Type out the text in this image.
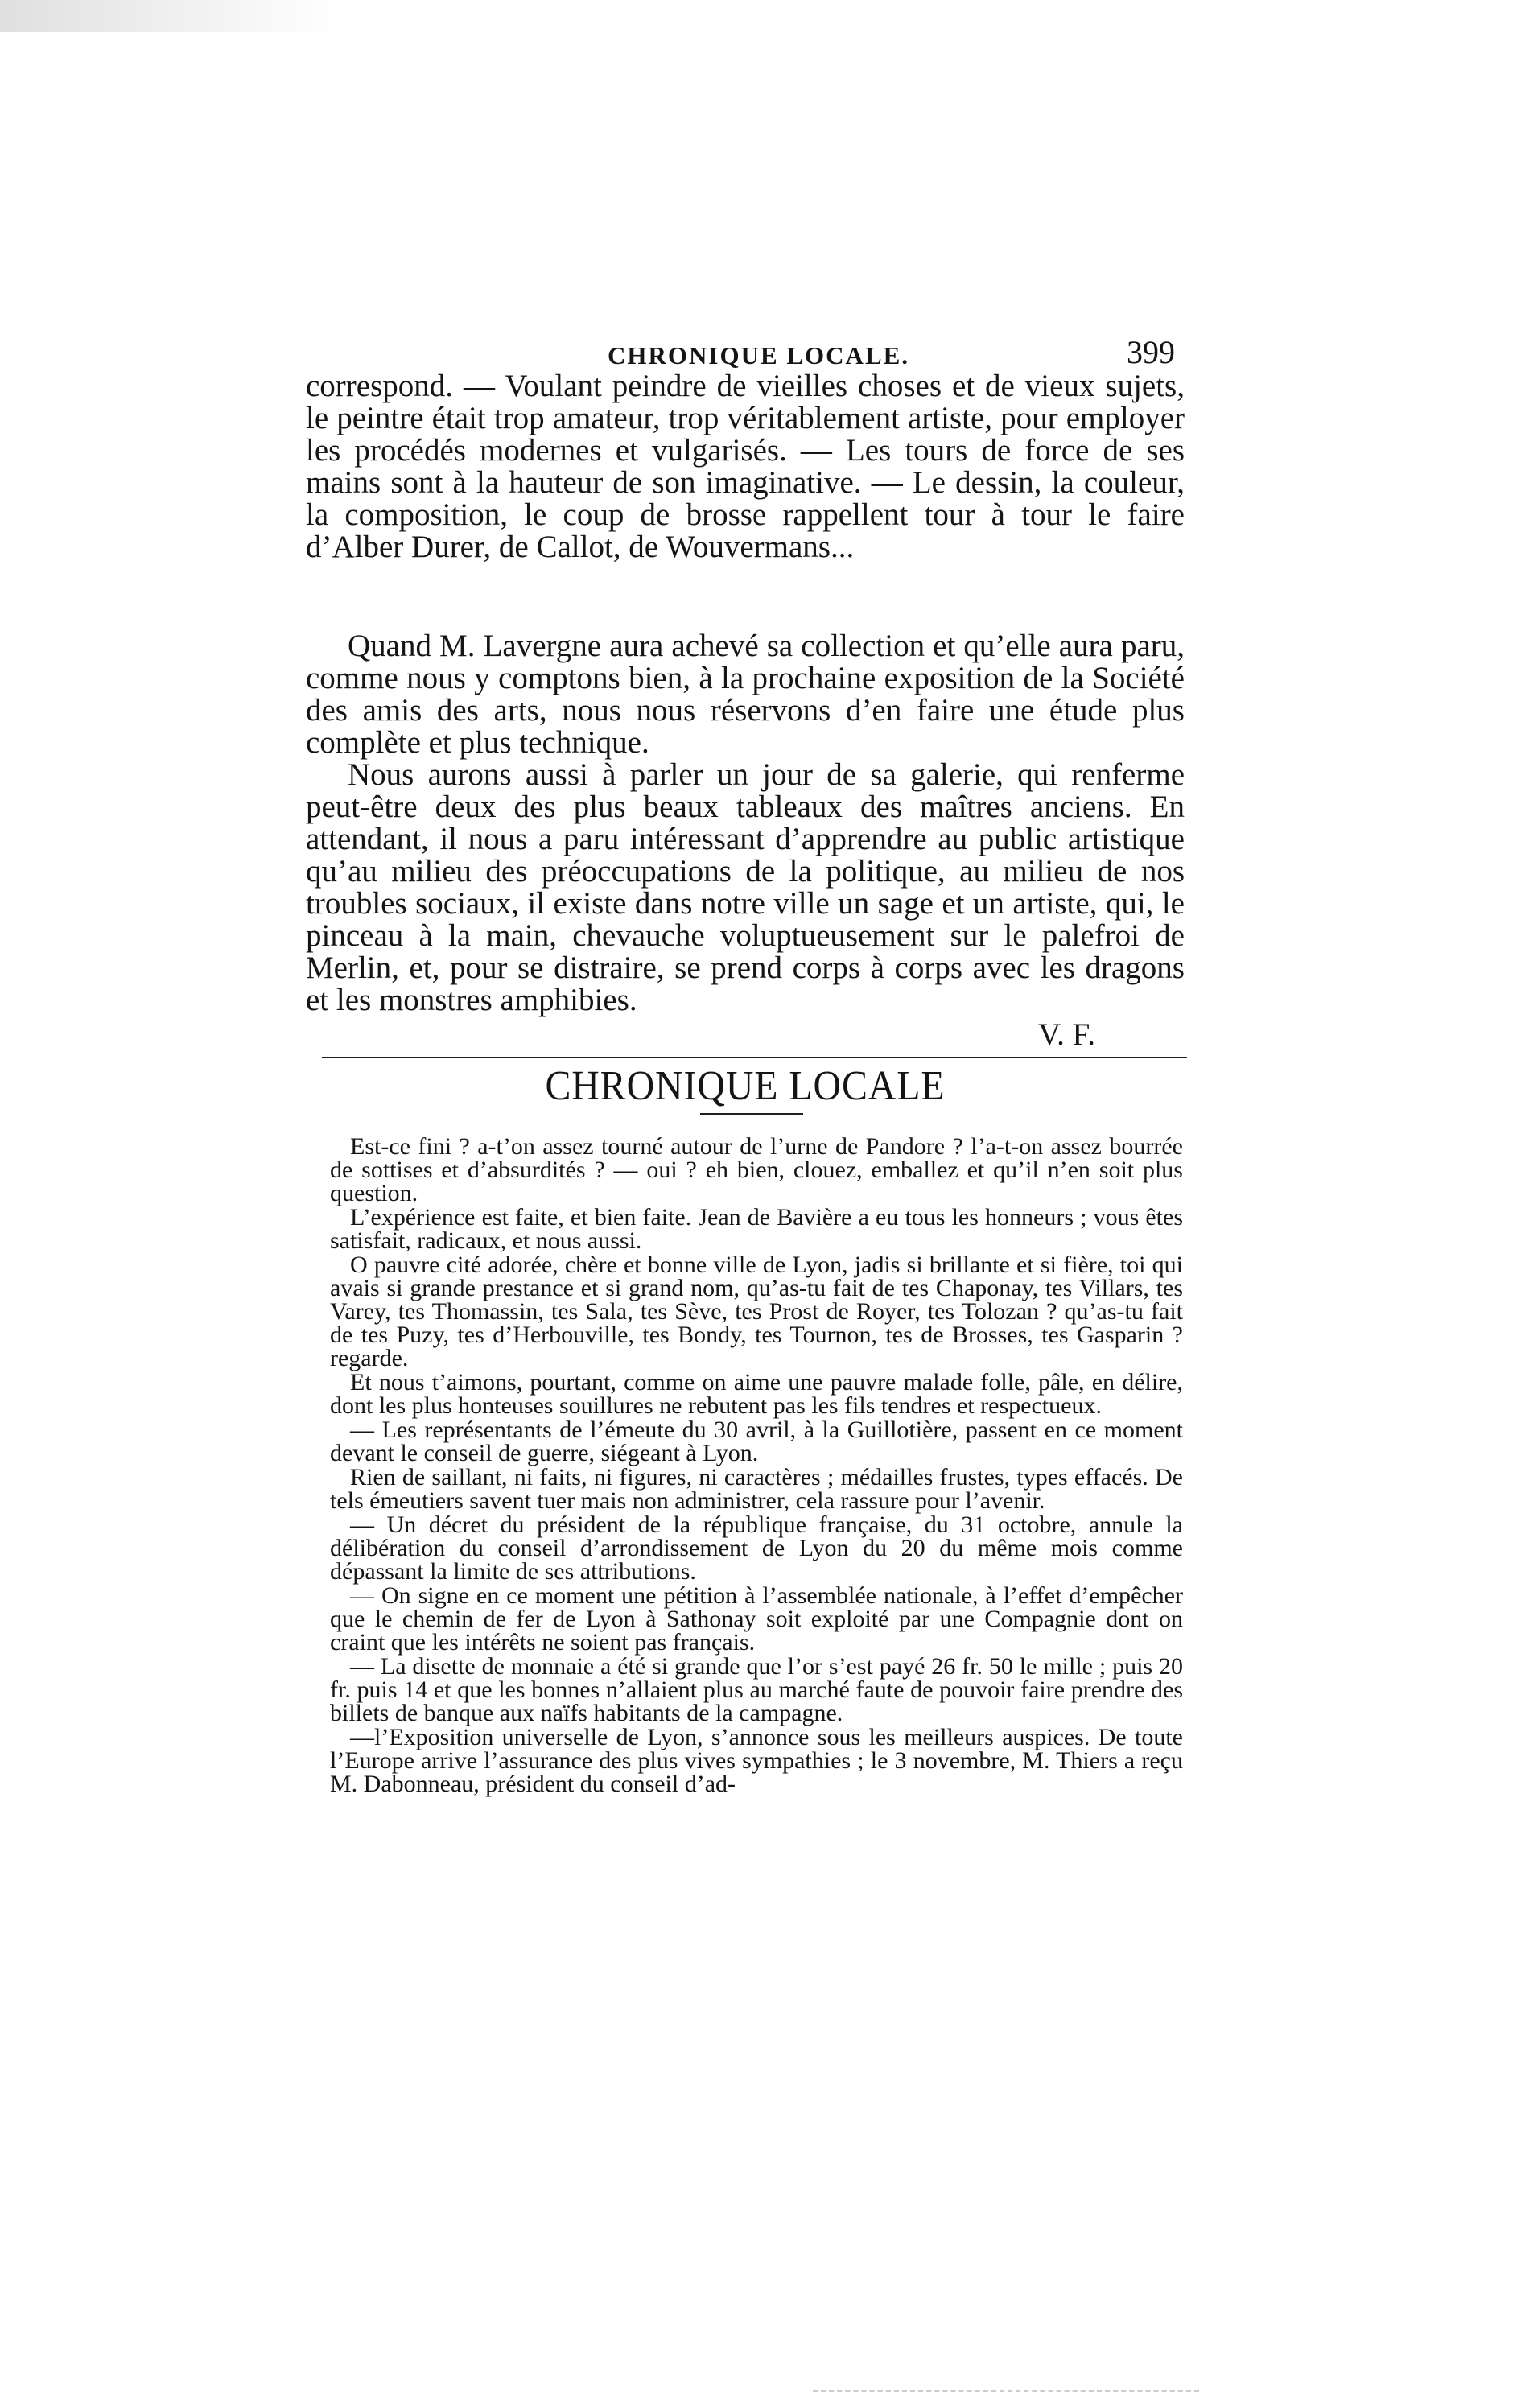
CHRONIQUE LOCALE.	399

correspond. — Voulant peindre de vieilles choses et de vieux sujets, le peintre était trop amateur, trop véritablement artiste, pour employer les procédés modernes et vulgarisés. — Les tours de force de ses mains sont à la hauteur de son imaginative. — Le dessin, la couleur, la composition, le coup de brosse rappellent tour à tour le faire d’Alber Durer, de Callot, de Wouvermans...

Quand M. Lavergne aura achevé sa collection et qu’elle aura paru, comme nous y comptons bien, à la prochaine exposition de la Société des amis des arts, nous nous réservons d’en faire une étude plus complète et plus technique.

Nous aurons aussi à parler un jour de sa galerie, qui renferme peut-être deux des plus beaux tableaux des maîtres anciens. En attendant, il nous a paru intéressant d’apprendre au public artistique qu’au milieu des préoccupations de la politique, au milieu de nos troubles sociaux, il existe dans notre ville un sage et un artiste, qui, le pinceau à la main, chevauche voluptueusement sur le palefroi de Merlin, et, pour se distraire, se prend corps à corps avec les dragons et les monstres amphibies.

V. F.
CHRONIQUE LOCALE

Est-ce fini ? a-t’on assez tourné autour de l’urne de Pandore ? l’a-t-on assez bourrée de sottises et d’absurdités ? — oui ? eh bien, clouez, emballez et qu’il n’en soit plus question.

L’expérience est faite, et bien faite. Jean de Bavière a eu tous les honneurs ; vous êtes satisfait, radicaux, et nous aussi.

O pauvre cité adorée, chère et bonne ville de Lyon, jadis si brillante et si fière, toi qui avais si grande prestance et si grand nom, qu’as-tu fait de tes Chaponay, tes Villars, tes Varey, tes Thomassin, tes Sala, tes Sève, tes Prost de Royer, tes Tolozan ? qu’as-tu fait de tes Puzy, tes d’Herbouville, tes Bondy, tes Tournon, tes de Brosses, tes Gasparin ? regarde.

Et nous t’aimons, pourtant, comme on aime une pauvre malade folle, pâle, en délire, dont les plus honteuses souillures ne rebutent pas les fils tendres et respectueux.

— Les représentants de l’émeute du 30 avril, à la Guillotière, passent en ce moment devant le conseil de guerre, siégeant à Lyon.

Rien de saillant, ni faits, ni figures, ni caractères ; médailles frustes, types effacés. De tels émeutiers savent tuer mais non administrer, cela rassure pour l’avenir.

— Un décret du président de la république française, du 31 octobre, annule la délibération du conseil d’arrondissement de Lyon du 20 du même mois comme dépassant la limite de ses attributions.

— On signe en ce moment une pétition à l’assemblée nationale, à l’effet d’empêcher que le chemin de fer de Lyon à Sathonay soit exploité par une Compagnie dont on craint que les intérêts ne soient pas français.

— La disette de monnaie a été si grande que l’or s’est payé 26 fr. 50 le mille ; puis 20 fr. puis 14 et que les bonnes n’allaient plus au marché faute de pouvoir faire prendre des billets de banque aux naïfs habitants de la campagne.

—l’Exposition universelle de Lyon, s’annonce sous les meilleurs auspices. De toute l’Europe arrive l’assurance des plus vives sympathies ; le 3 novembre, M. Thiers a reçu M. Dabonneau, président du conseil d’ad-
